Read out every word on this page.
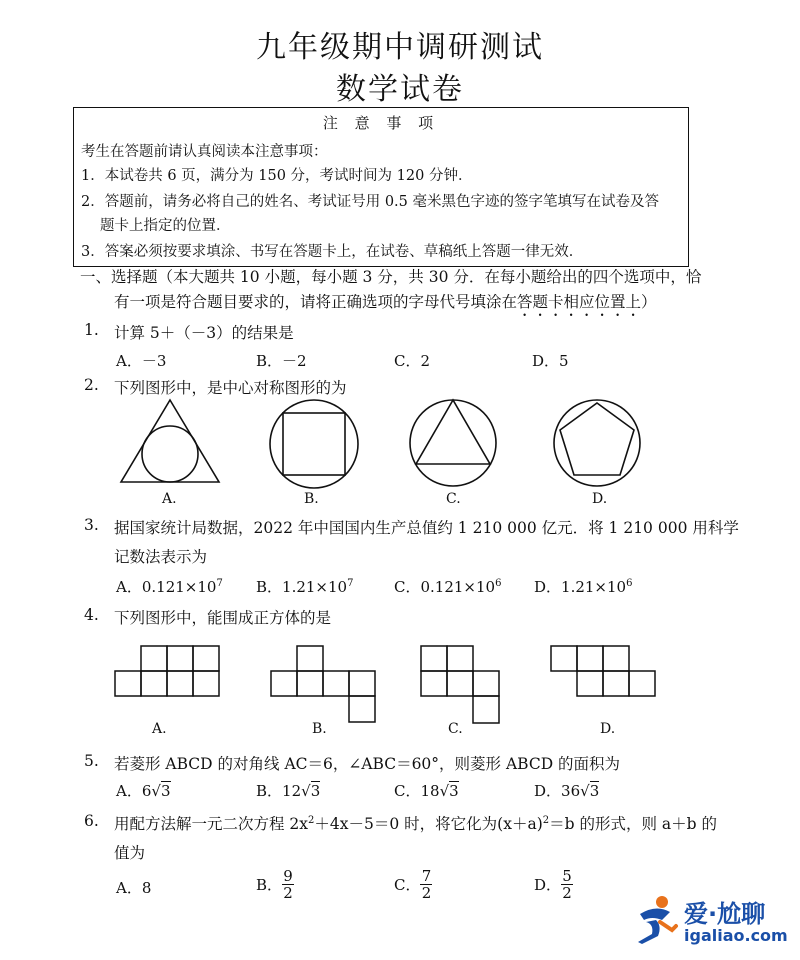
九年级期中调研测试
数学试卷
注 意 事 项
考生在答题前请认真阅读本注意事项：
1．本试卷共 6 页，满分为 150 分，考试时间为 120 分钟．
2．答题前，请务必将自己的姓名、考试证号用 0.5 毫米黑色字迹的签字笔填写在试卷及答
题卡上指定的位置．
3．答案必须按要求填涂、书写在答题卡上，在试卷、草稿纸上答题一律无效．
一、选择题（本大题共 10 小题，每小题 3 分，共 30 分．在每小题给出的四个选项中，恰
有一项是符合题目要求的，请将正确选项的字母代号填涂在答题卡相应位置上）
1. 计算 5＋（－3）的结果是
A．－3	B．－2	C．2	D．5
2. 下列图形中，是中心对称图形的为
A.	B.	C.	D.
3. 据国家统计局数据，2022 年中国国内生产总值约 1 210 000 亿元．将 1 210 000 用科学
记数法表示为
A．$0.121\times 10^7$ B．$1.21\times 10^7$	C．$0.121\times 10^6$ D．$1.21\times 10^6$
4. 下列图形中，能围成正方体的是
A.	B.	C.	D.
5. 若菱形 ABCD 的对角线 AC＝6，∠ABC＝60°，则菱形 ABCD 的面积为
A．6√3	B．12√3	C．18√3	D．36√3
6. 用配方法解一元二次方程 $2x^2+4x-5=0$ 时，将它化为$(x+a)^2=b$ 的形式，则 a＋b 的
值为
A．8	B． $\frac{9}{2}$	C． $\frac{7}{2}$	D． $\frac{5}{2}$
爱·尬聊
igaliao.com
